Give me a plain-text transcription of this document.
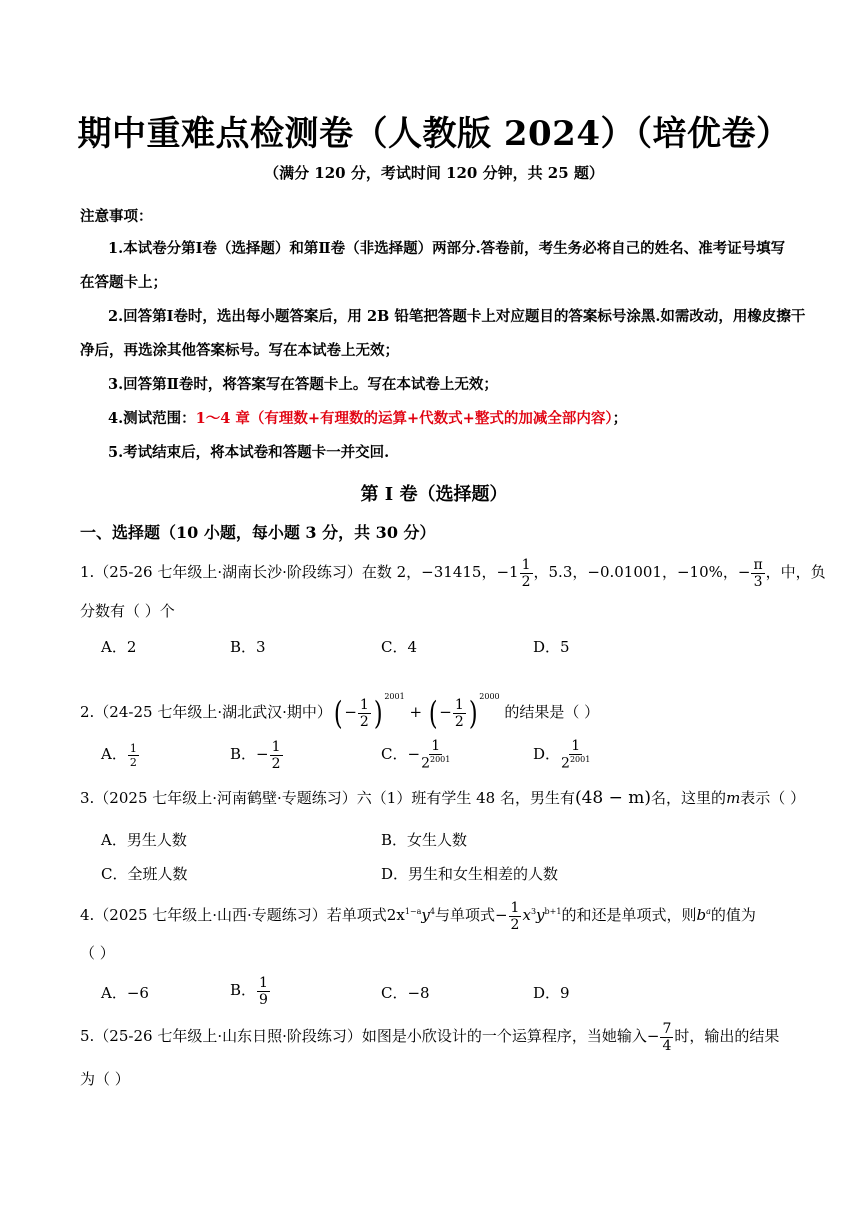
期中重难点检测卷（人教版 2024）（培优卷）
（满分 120 分，考试时间 120 分钟，共 25 题）
注意事项：
1.本试卷分第Ⅰ卷（选择题）和第Ⅱ卷（非选择题）两部分.答卷前，考生务必将自己的姓名、准考证号填写
在答题卡上；
2.回答第Ⅰ卷时，选出每小题答案后，用 2B 铅笔把答题卡上对应题目的答案标号涂黑.如需改动，用橡皮擦干
净后，再选涂其他答案标号。写在本试卷上无效；
3.回答第Ⅱ卷时，将答案写在答题卡上。写在本试卷上无效；
4.测试范围：1～4 章（有理数+有理数的运算+代数式+整式的加减全部内容）；
5.考试结束后，将本试卷和答题卡一并交回.
第 I 卷（选择题）
一、选择题（10 小题，每小题 3 分，共 30 分）
1.（25-26 七年级上·湖南长沙·阶段练习）在数 2，−31415，$-1 \frac{1}{2}$ ，5.3，−0.01001，−10%，− $\frac{\pi}{3}$ ，中，负
分数有（ ）个
A．2	B．3	C．4	D．5
2.（24-25 七年级上·湖北武汉·期中）( − $\frac{1}{2}$ ) $^{2001}$ + ( − $\frac{1}{2}$ ) $^{2000}$ 的结果是（ ）
A． $\frac{1}{2}$	B．− $\frac{1}{2}$	C．− $\frac{1}{2^{2001}}$	D． $\frac{1}{2^{2001}}$
3.（2025 七年级上·河南鹤壁·专题练习）六（1）班有学生 48 名，男生有(48 − m)名，这里的m表示（ ）
A．男生人数	B．女生人数
C．全班人数	D．男生和女生相差的人数
4.（2025 七年级上·山西·专题练习）若单项式$2x^{1-a}y^4$与单项式− $\frac{1}{2} x^3y^{b+1}$的和还是单项式，则$b^a$的值为
（ ）
A．−6	B． $\frac{1}{9}$	C．−8	D．9
5.（25-26 七年级上·山东日照·阶段练习）如图是小欣设计的一个运算程序，当她输入− $\frac{7}{4}$ 时，输出的结果
为（ ）
